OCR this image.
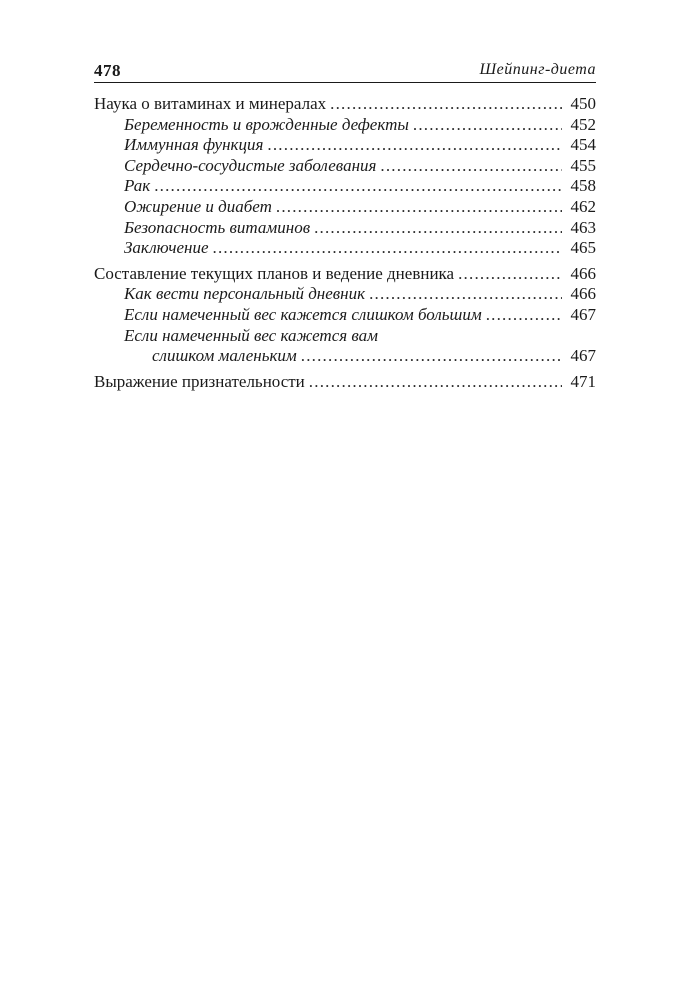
478	Шейпинг-диета
Наука о витаминах и минералах .....	450
Беременность и врожденные дефекты .....	452
Иммунная функция .....	454
Сердечно-сосудистые заболевания .....	455
Рак .....	458
Ожирение и диабет .....	462
Безопасность витаминов .....	463
Заключение .....	465
Составление текущих планов и ведение дневника .....	466
Как вести персональный дневник .....	466
Если намеченный вес кажется слишком большим .....	467
Если намеченный вес кажется вам
слишком маленьким .....	467
Выражение признательности .....	471
